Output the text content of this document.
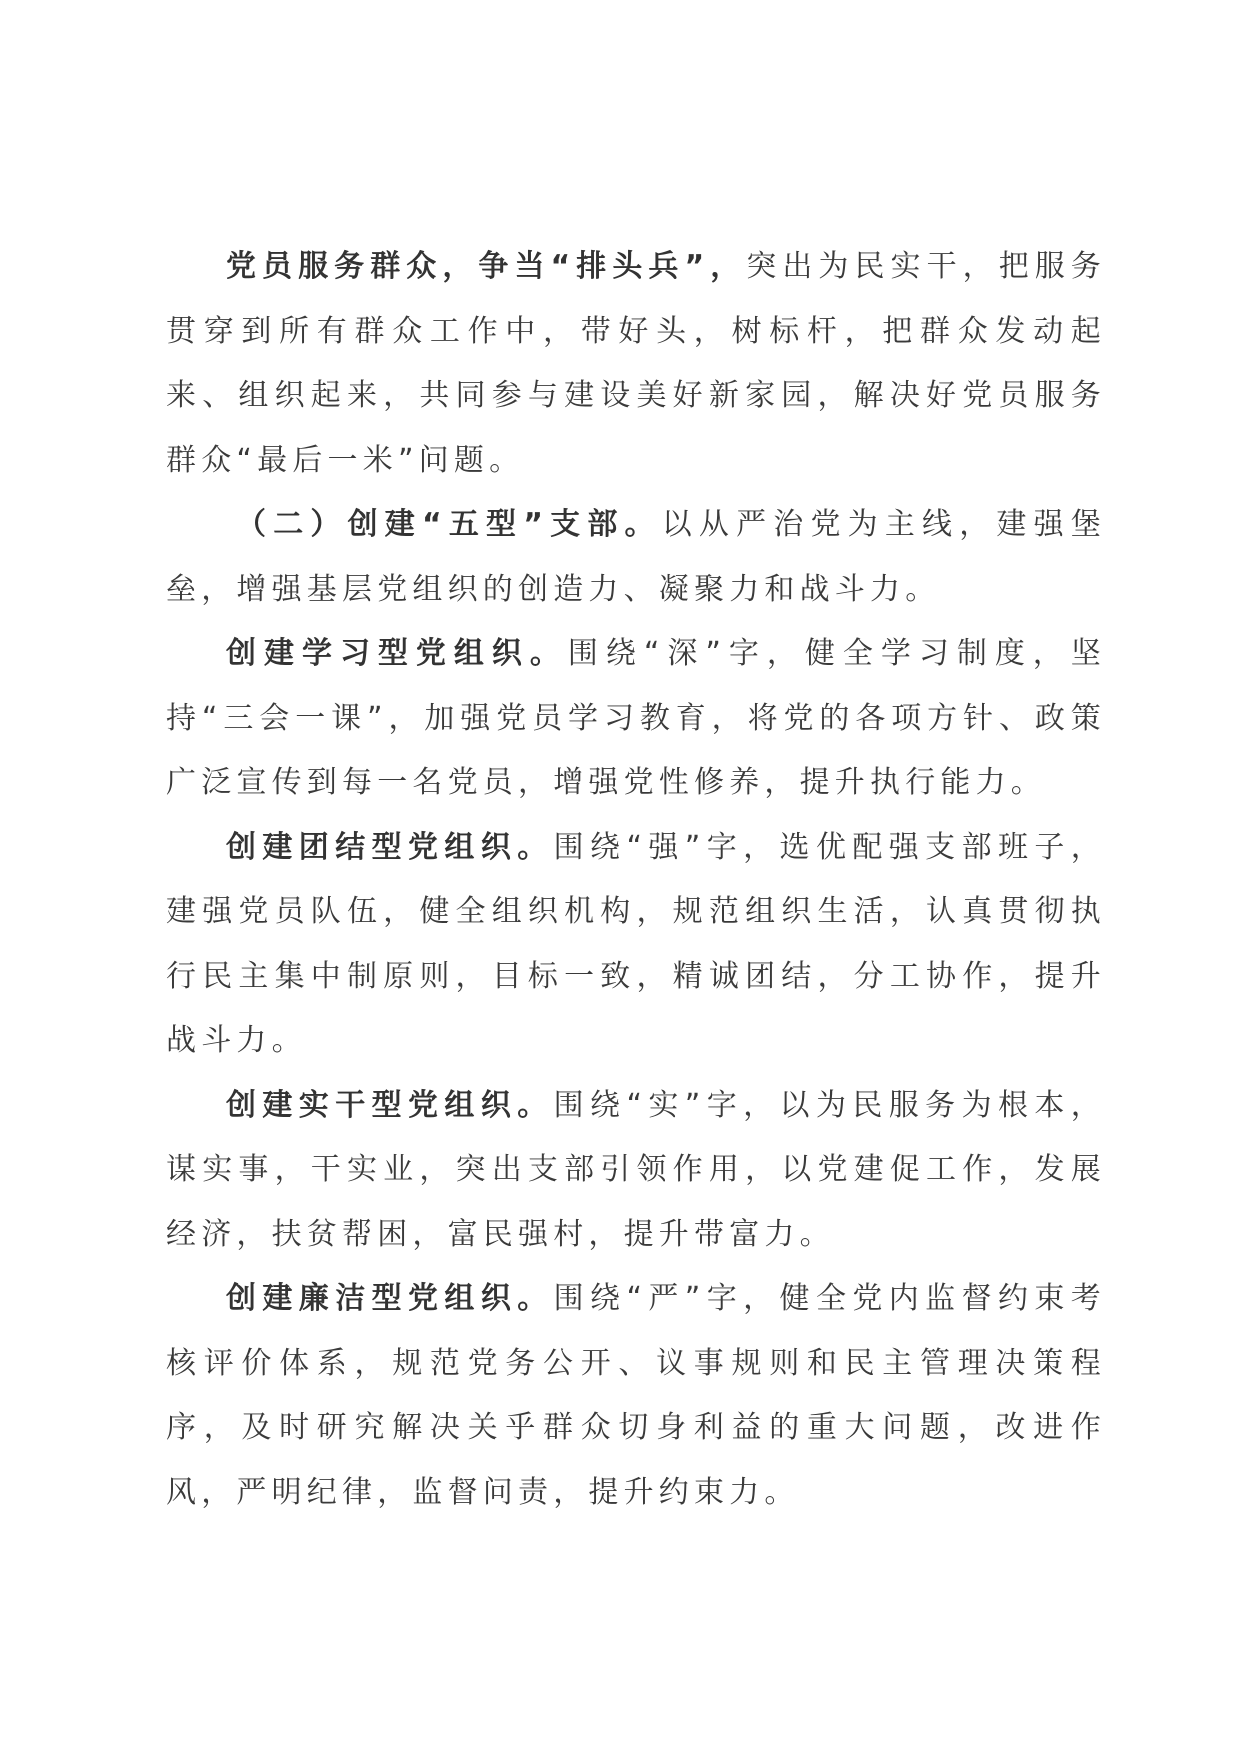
党员服务群众，争当“排头兵”，突出为民实干，把服务贯穿到所有群众工作中，带好头，树标杆，把群众发动起来、组织起来，共同参与建设美好新家园，解决好党员服务群众“最后一米”问题。

（二）创建“五型”支部。以从严治党为主线，建强堡垒，增强基层党组织的创造力、凝聚力和战斗力。

创建学习型党组织。围绕“深”字，健全学习制度，坚持“三会一课”，加强党员学习教育，将党的各项方针、政策广泛宣传到每一名党员，增强党性修养，提升执行能力。

创建团结型党组织。围绕“强”字，选优配强支部班子，建强党员队伍，健全组织机构，规范组织生活，认真贯彻执行民主集中制原则，目标一致，精诚团结，分工协作，提升战斗力。

创建实干型党组织。围绕“实”字，以为民服务为根本，谋实事，干实业，突出支部引领作用，以党建促工作，发展经济，扶贫帮困，富民强村，提升带富力。

创建廉洁型党组织。围绕“严”字，健全党内监督约束考核评价体系，规范党务公开、议事规则和民主管理决策程序，及时研究解决关乎群众切身利益的重大问题，改进作风，严明纪律，监督问责，提升约束力。
